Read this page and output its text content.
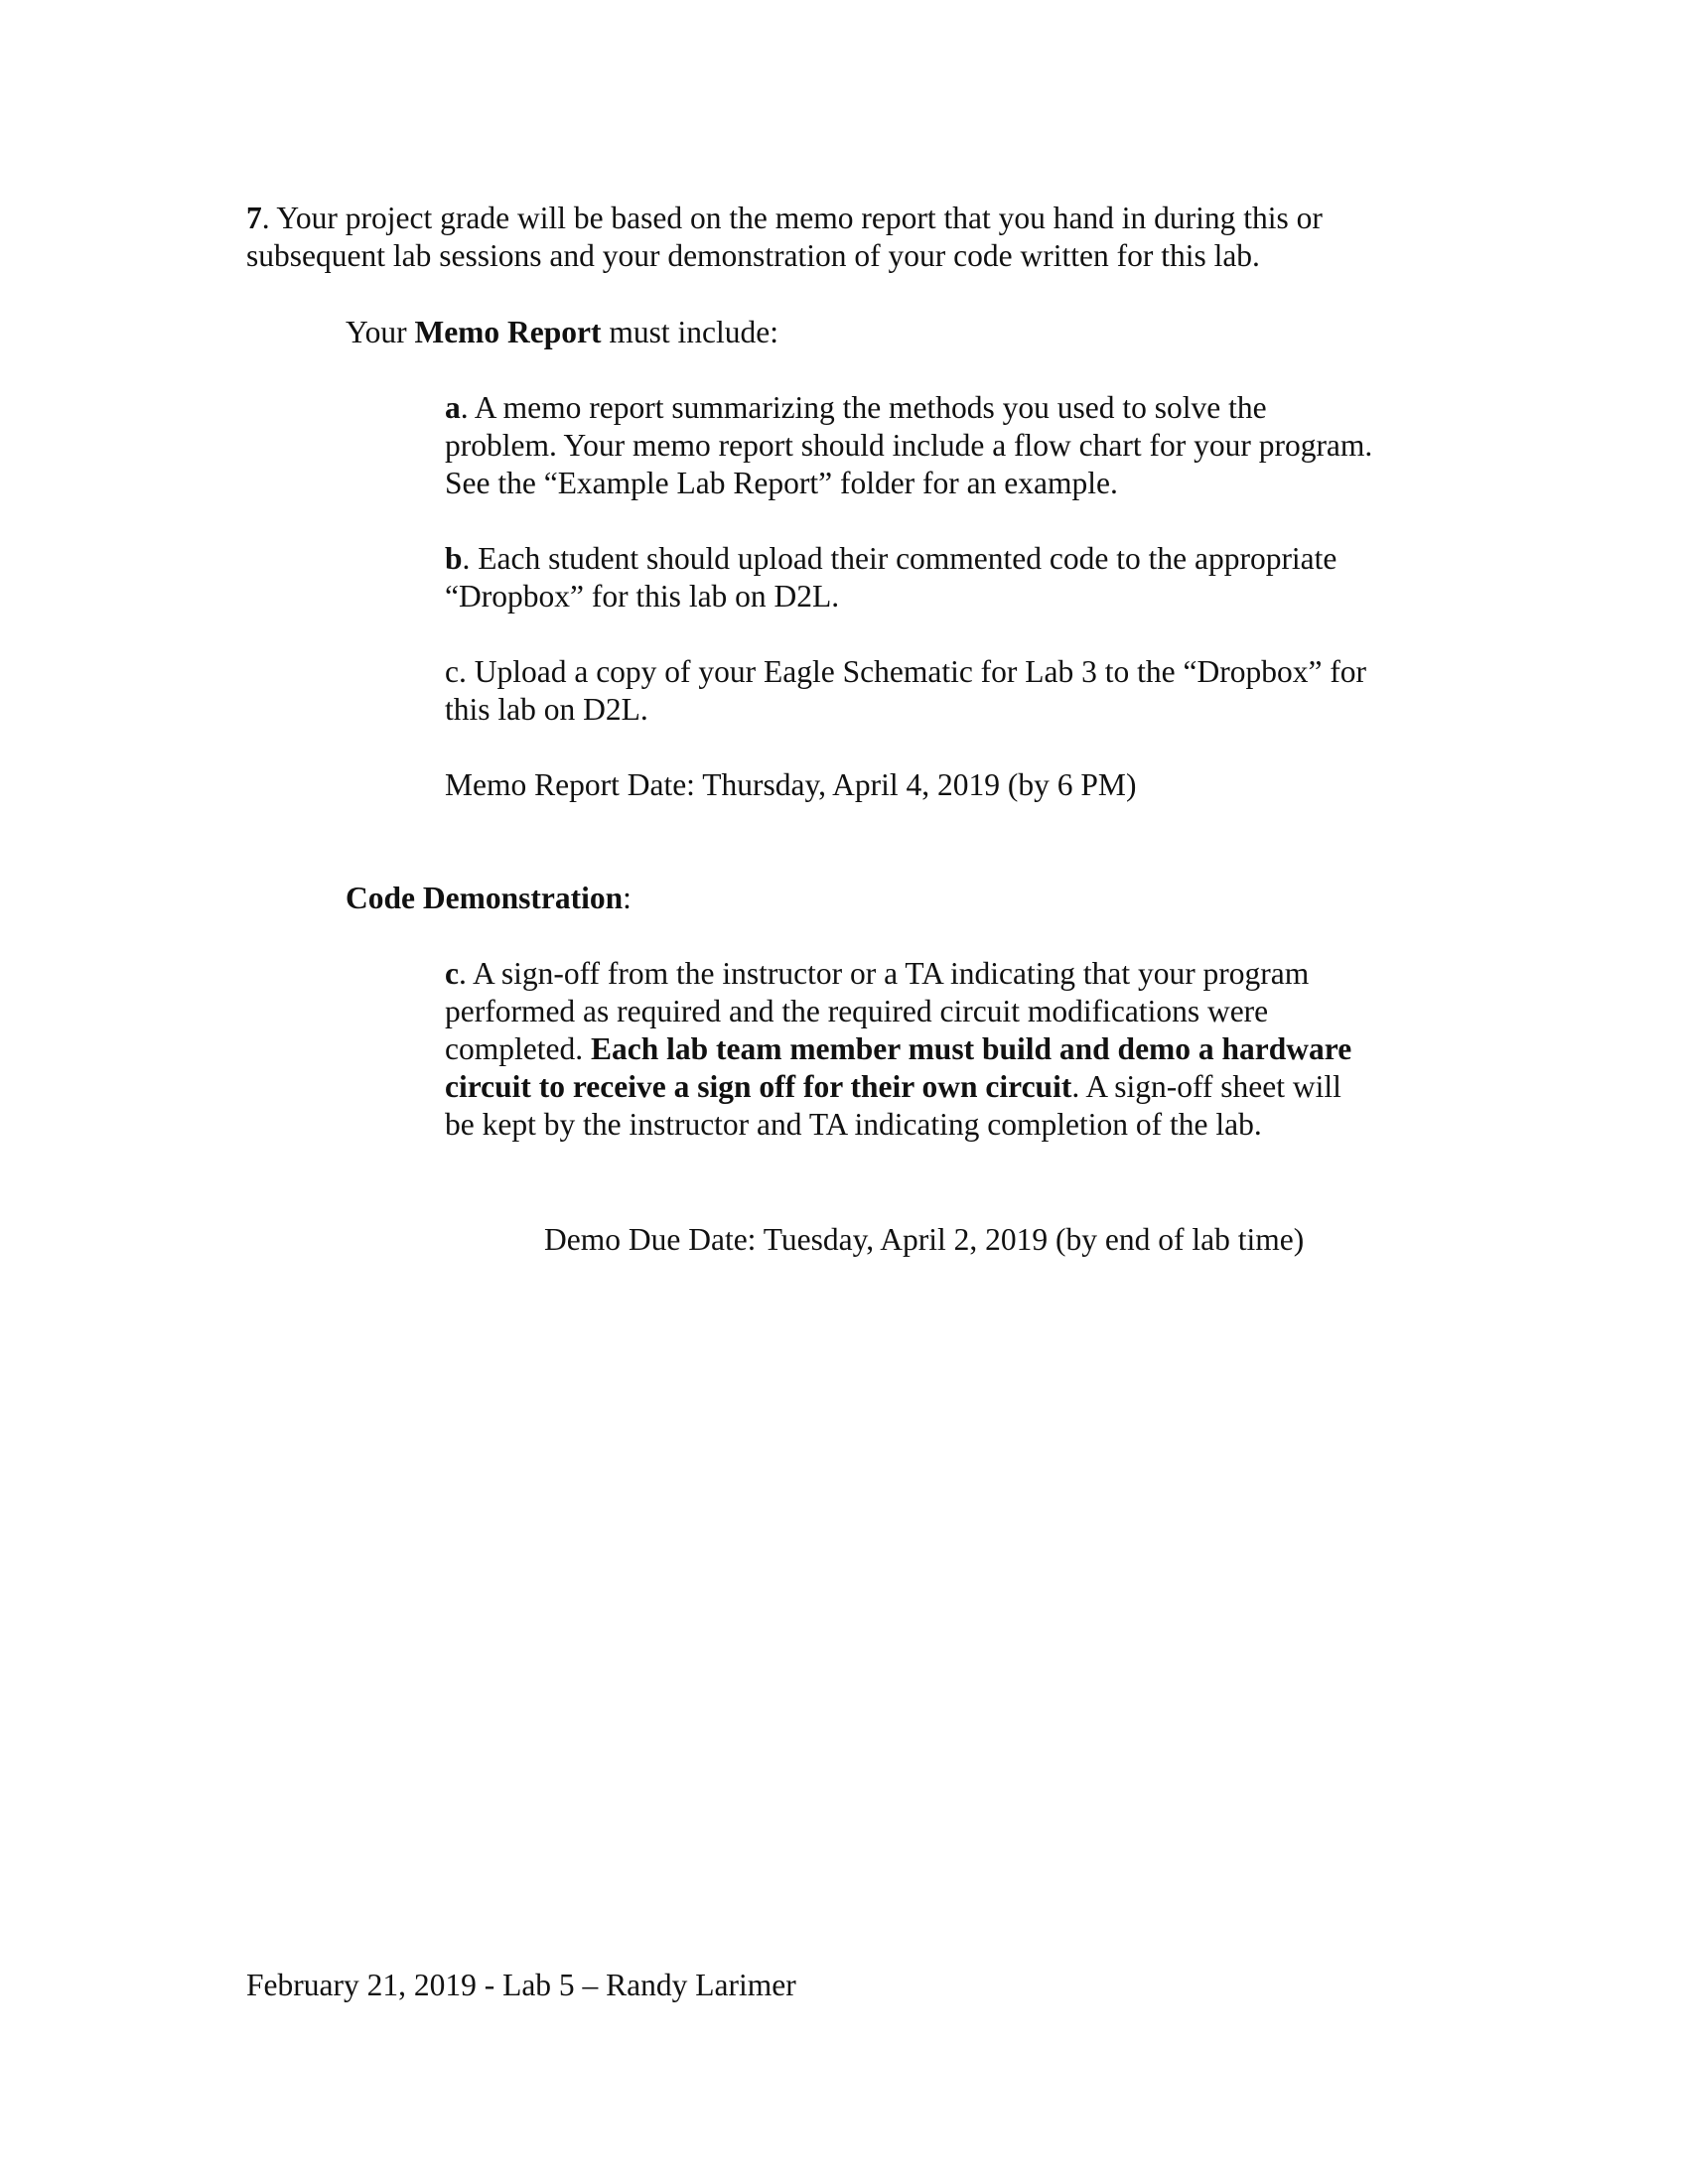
7. Your project grade will be based on the memo report that you hand in during this or
subsequent lab sessions and your demonstration of your code written for this lab.

Your Memo Report must include:

a. A memo report summarizing the methods you used to solve the
problem. Your memo report should include a flow chart for your program.
See the “Example Lab Report” folder for an example.

b. Each student should upload their commented code to the appropriate
“Dropbox” for this lab on D2L.

c. Upload a copy of your Eagle Schematic for Lab 3 to the “Dropbox” for
this lab on D2L.

Memo Report Date: Thursday, April 4, 2019 (by 6 PM)

Code Demonstration:

c. A sign-off from the instructor or a TA indicating that your program
performed as required and the required circuit modifications were
completed. Each lab team member must build and demo a hardware
circuit to receive a sign off for their own circuit. A sign-off sheet will
be kept by the instructor and TA indicating completion of the lab.

Demo Due Date: Tuesday, April 2, 2019 (by end of lab time)

February 21, 2019 - Lab 5 – Randy Larimer
